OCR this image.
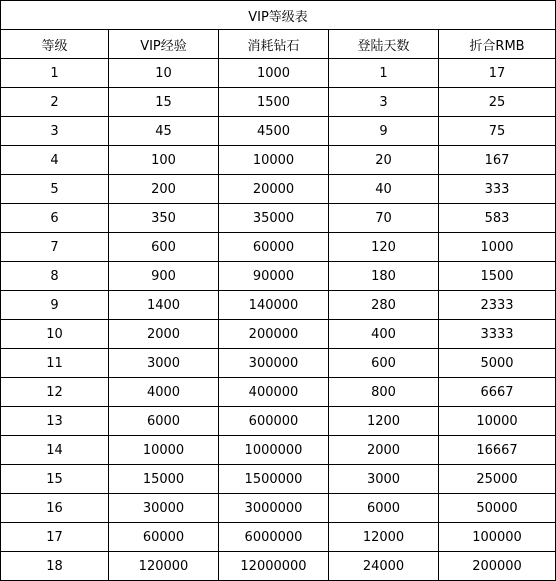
VIP等级表				
等级	VIP经验	消耗钻石	登陆天数	折合RMB
1	10	1000	1	17
2	15	1500	3	25
3	45	4500	9	75
4	100	10000	20	167
5	200	20000	40	333
6	350	35000	70	583
7	600	60000	120	1000
8	900	90000	180	1500
9	1400	140000	280	2333
10	2000	200000	400	3333
11	3000	300000	600	5000
12	4000	400000	800	6667
13	6000	600000	1200	10000
14	10000	1000000	2000	16667
15	15000	1500000	3000	25000
16	30000	3000000	6000	50000
17	60000	6000000	12000	100000
18	120000	12000000	24000	200000
